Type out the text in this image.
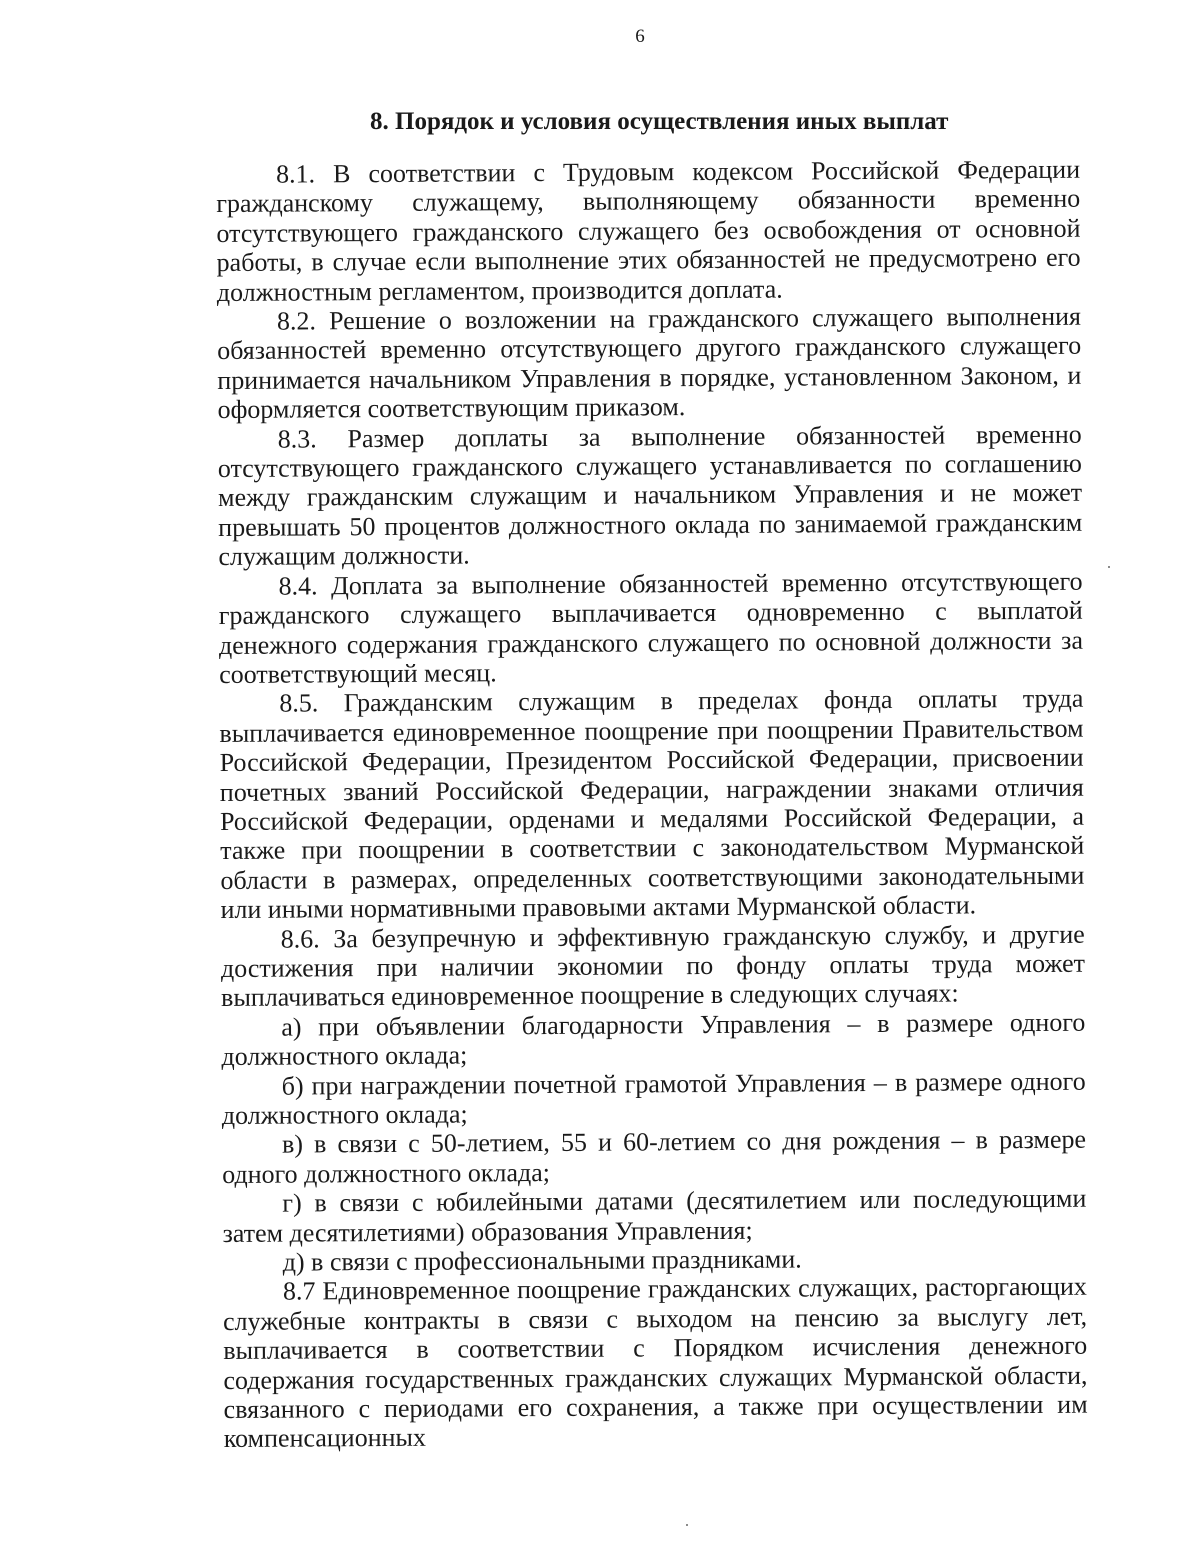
6
8. Порядок и условия осуществления иных выплат

8.1. В соответствии с Трудовым кодексом Российской Федерации гражданскому служащему, выполняющему обязанности временно отсутствующего гражданского служащего без освобождения от основной работы, в случае если выполнение этих обязанностей не предусмотрено его должностным регламентом, производится доплата.

8.2. Решение о возложении на гражданского служащего выполнения обязанностей временно отсутствующего другого гражданского служащего принимается начальником Управления в порядке, установленном Законом, и оформляется соответствующим приказом.

8.3. Размер доплаты за выполнение обязанностей временно отсутствующего гражданского служащего устанавливается по соглашению между гражданским служащим и начальником Управления и не может превышать 50 процентов должностного оклада по занимаемой гражданским служащим должности.

8.4. Доплата за выполнение обязанностей временно отсутствующего гражданского служащего выплачивается одновременно с выплатой денежного содержания гражданского служащего по основной должности за соответствующий месяц.

8.5. Гражданским служащим в пределах фонда оплаты труда выплачивается единовременное поощрение при поощрении Правительством Российской Федерации, Президентом Российской Федерации, присвоении почетных званий Российской Федерации, награждении знаками отличия Российской Федерации, орденами и медалями Российской Федерации, а также при поощрении в соответствии с законодательством Мурманской области в размерах, определенных соответствующими законодательными или иными нормативными правовыми актами Мурманской области.

8.6. За безупречную и эффективную гражданскую службу, и другие достижения при наличии экономии по фонду оплаты труда может выплачиваться единовременное поощрение в следующих случаях:

а) при объявлении благодарности Управления – в размере одного должностного оклада;

б) при награждении почетной грамотой Управления – в размере одного должностного оклада;

в) в связи с 50-летием, 55 и 60-летием со дня рождения – в размере одного должностного оклада;

г) в связи с юбилейными датами (десятилетием или последующими затем десятилетиями) образования Управления;

д) в связи с профессиональными праздниками.

8.7 Единовременное поощрение гражданских служащих, расторгающих служебные контракты в связи с выходом на пенсию за выслугу лет, выплачивается в соответствии с Порядком исчисления денежного содержания государственных гражданских служащих Мурманской области, связанного с периодами его сохранения, а также при осуществлении им компенсационных
